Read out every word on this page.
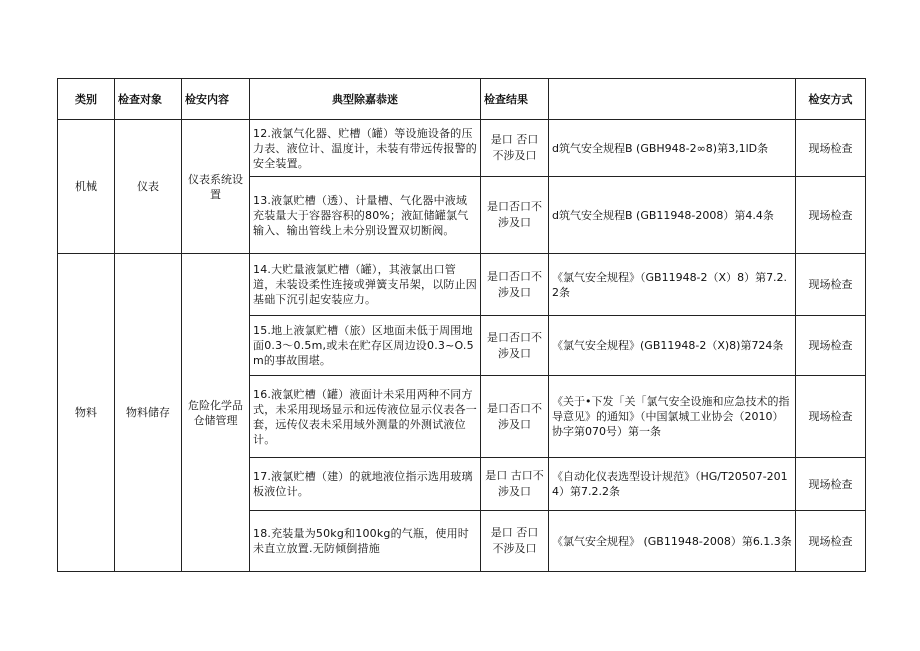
类别	检查对象	检安内容	典型除嘉恭迷	检查结果		检安方式
机械	仪表	仪表系统设置	12.液氯气化器、贮槽（罐）等设施设备的压力表、液位计、温度计，未装有带远传报警的安全装置。	是口 否口 不涉及口	d筑气安全规程B (GBH948-2∞8)第3,1lD条	现场检查
			13.液氯贮槽（透）、计量槽、气化器中液域充装量大于容器容积的80%；液缸储罐氯气输入、输出管线上未分别设置双切断阀。	是口否口不涉及口	d筑气安全规程B (GB11948-2008）第4.4条	现场检查
物料	物料储存	危险化学品仓储管理	14.大贮量液氯贮槽（罐），其液氯出口管道，未装设柔性连接或弹簧支吊架，以防止因基础下沉引起安装应力。	是口否口不涉及口	《氯气安全规程》（GB11948-2（X）8）第7.2.2条	现场检查
			15.地上液氯贮槽（旅）区地面未低于周围地面0.3～0.5m,或未在贮存区周边设0.3~O.5m的事故围堪。	是口否口不涉及口	《氯气安全规程》(GB11948-2（X)8)第724条	现场检查
			16.液氯贮槽（罐）液面计未采用两种不同方式，未采用现场显示和远传液位显示仪表各一套，远传仪表未采用域外测量的外测试液位计。	是口否口不涉及口	《关于•下发「关「氯气安全设施和应急技术的指导意见》的通知》（中国氯城工业协会（2010）协字第070号）第一条	现场检查
			17.液氯贮槽（建）的就地液位指示选用玻璃板液位计。	是口 古口不涉及口	《自动化仪表选型设计规范》（HG/T20507-2014）第7.2.2条	现场检查
			18.充装量为50kg和100kg的气瓶，使用时未直立放置.无防倾倒措施	是口 否口 不涉及口	《氯气安全规程》 (GB11948-2008）第6.1.3条	现场检查
